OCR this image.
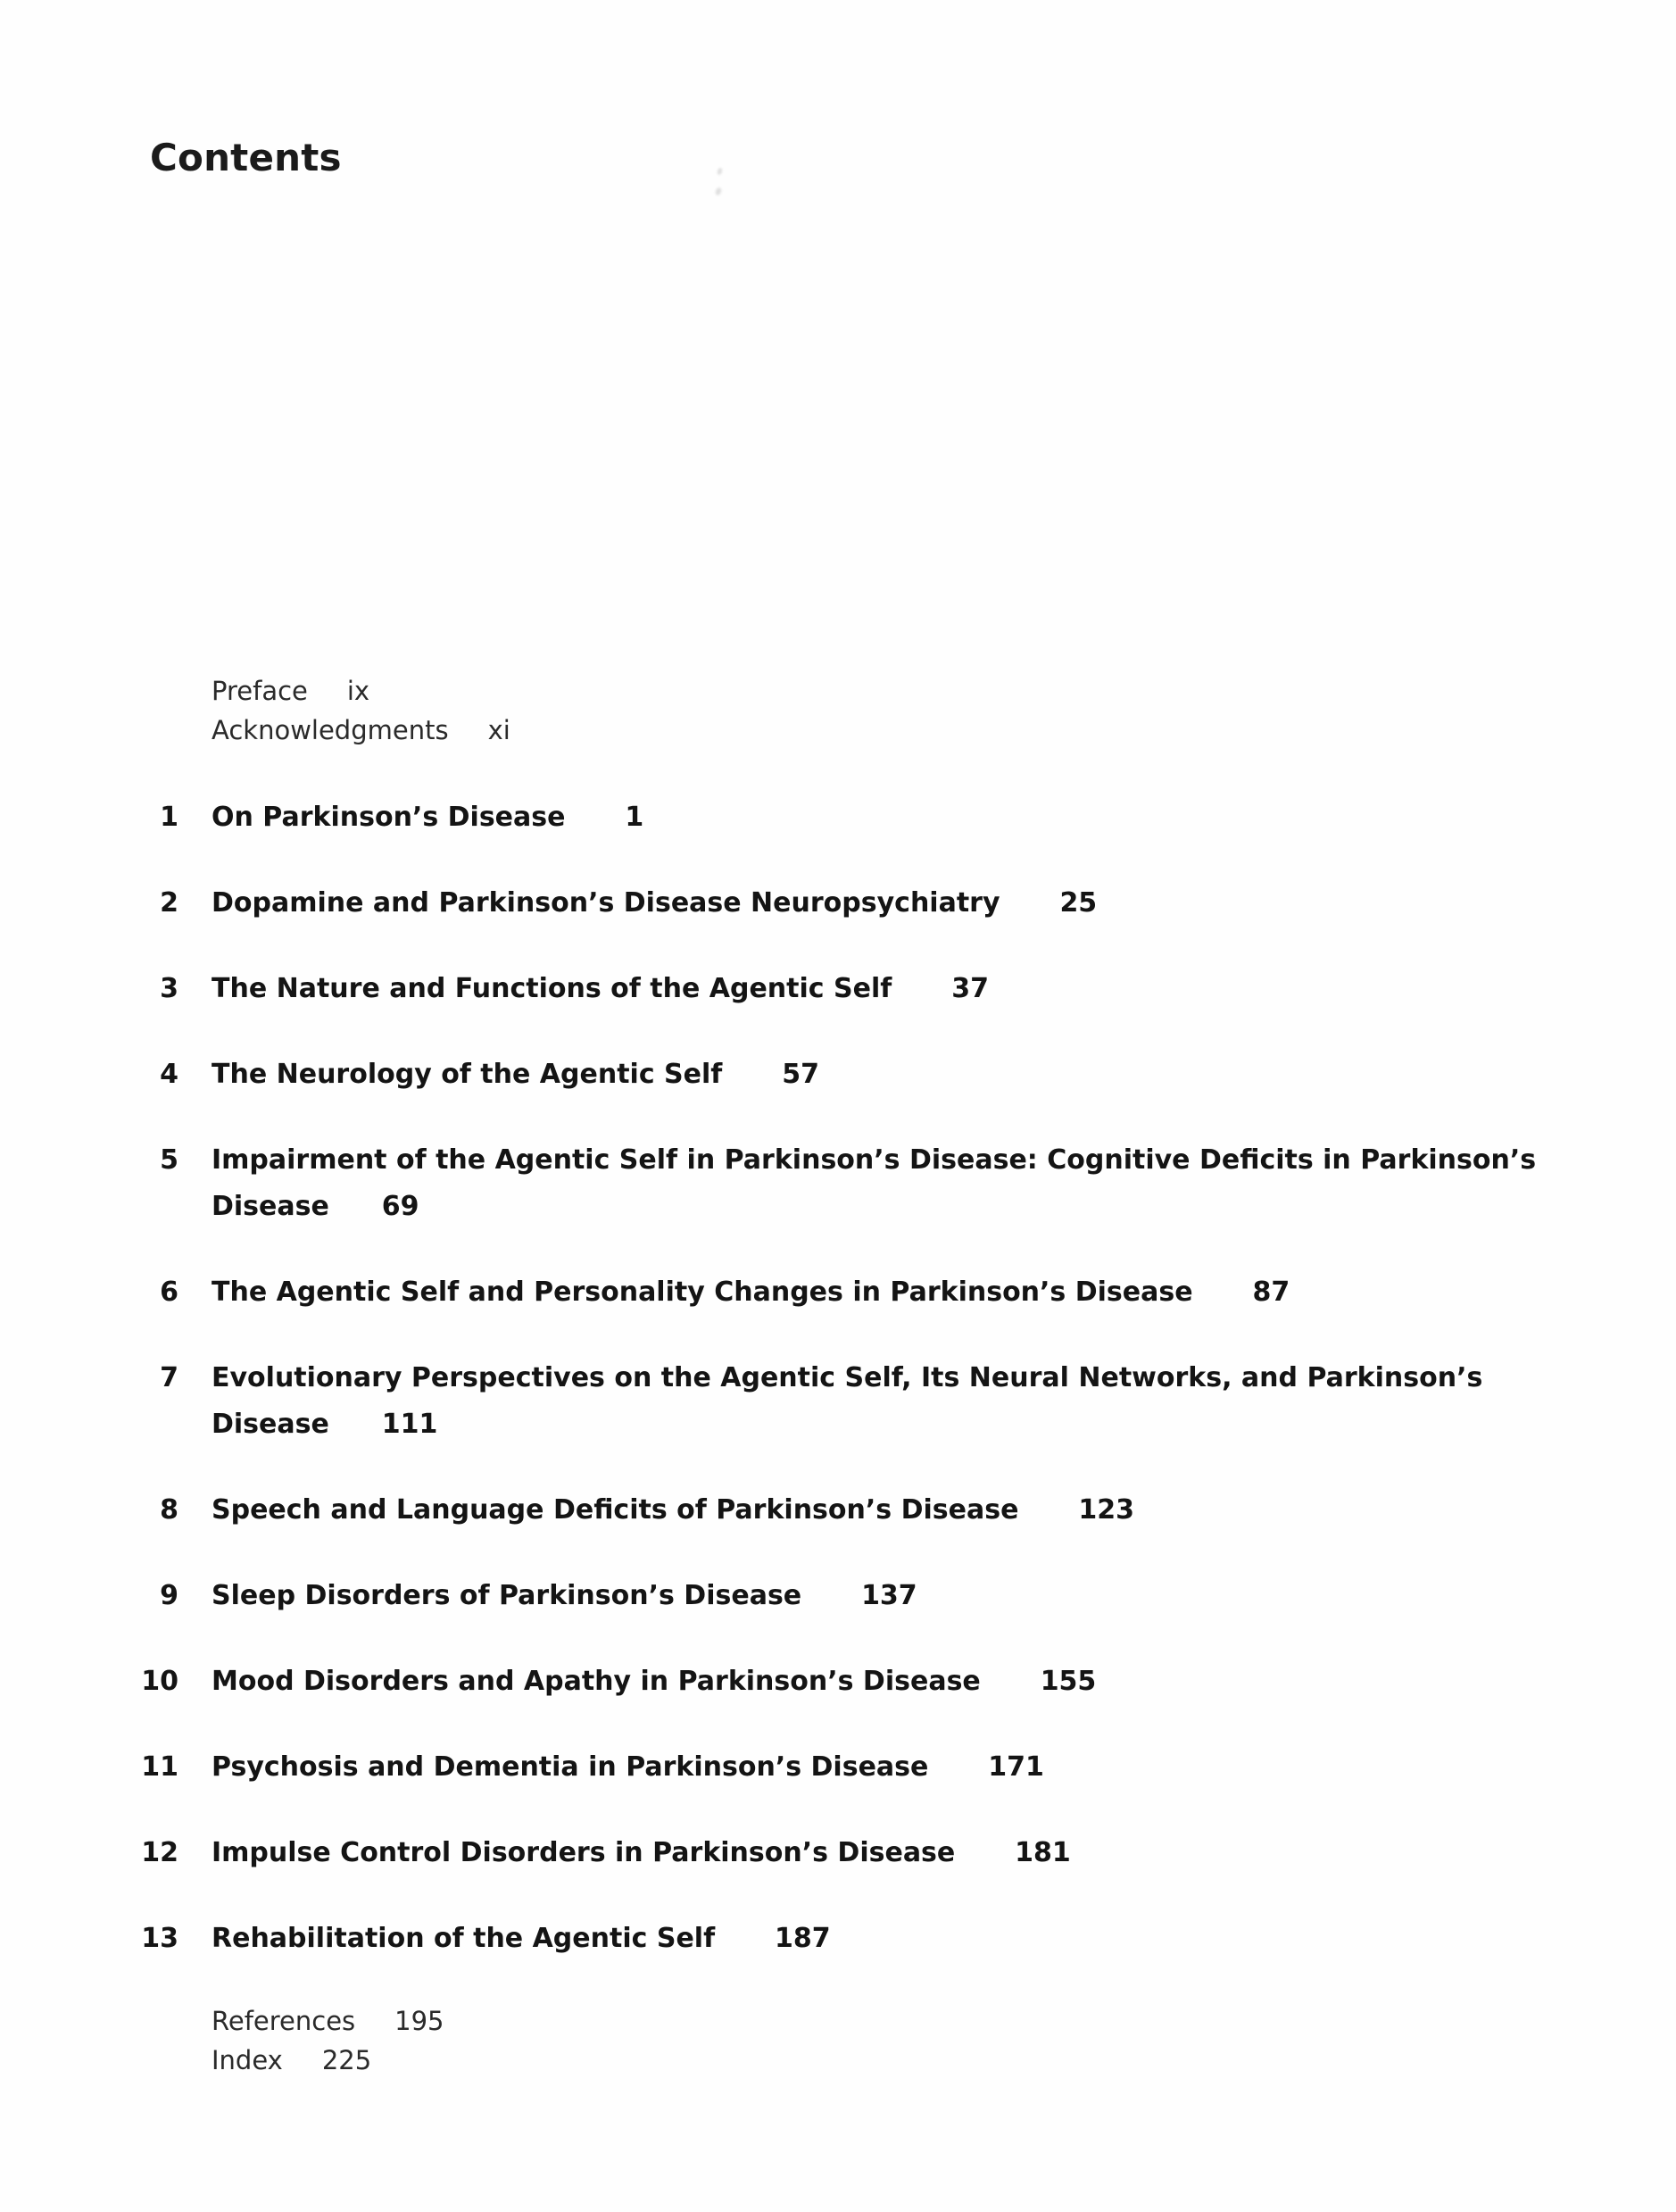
Contents
Preface ix
Acknowledgments xi
1 On Parkinson’s Disease 1
2 Dopamine and Parkinson’s Disease Neuropsychiatry 25
3 The Nature and Functions of the Agentic Self 37
4 The Neurology of the Agentic Self 57
5 Impairment of the Agentic Self in Parkinson’s Disease: Cognitive Deficits in Parkinson’s
Disease 69
6 The Agentic Self and Personality Changes in Parkinson’s Disease 87
7 Evolutionary Perspectives on the Agentic Self, Its Neural Networks, and Parkinson’s
Disease 111
8 Speech and Language Deficits of Parkinson’s Disease 123
9 Sleep Disorders of Parkinson’s Disease 137
10 Mood Disorders and Apathy in Parkinson’s Disease 155
11 Psychosis and Dementia in Parkinson’s Disease 171
12 Impulse Control Disorders in Parkinson’s Disease 181
13 Rehabilitation of the Agentic Self 187
References 195
Index 225
